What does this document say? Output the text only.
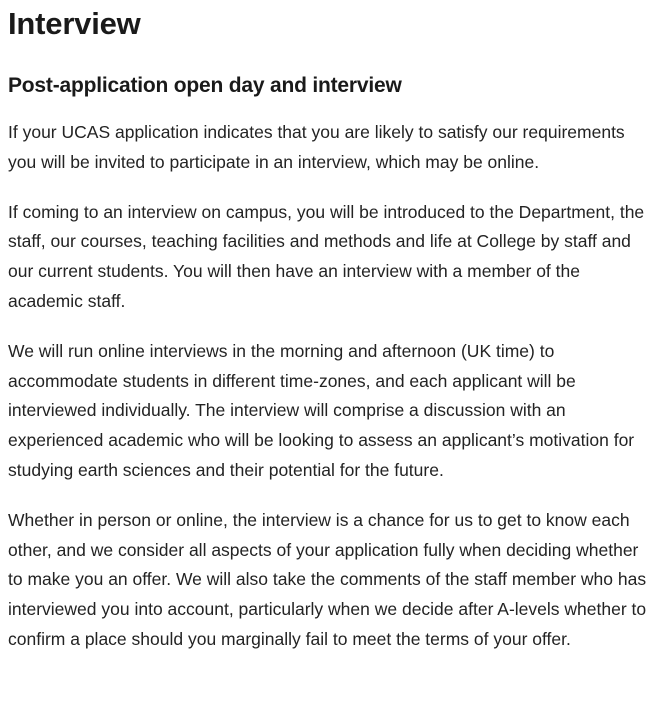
Interview
Post-application open day and interview

If your UCAS application indicates that you are likely to satisfy our requirements you will be invited to participate in an interview, which may be online.

If coming to an interview on campus, you will be introduced to the Department, the staff, our courses, teaching facilities and methods and life at College by staff and our current students. You will then have an interview with a member of the academic staff.

We will run online interviews in the morning and afternoon (UK time) to accommodate students in different time-zones, and each applicant will be interviewed individually. The interview will comprise a discussion with an experienced academic who will be looking to assess an applicant’s motivation for studying earth sciences and their potential for the future.

Whether in person or online, the interview is a chance for us to get to know each other, and we consider all aspects of your application fully when deciding whether to make you an offer. We will also take the comments of the staff member who has interviewed you into account, particularly when we decide after A-levels whether to confirm a place should you marginally fail to meet the terms of your offer.
